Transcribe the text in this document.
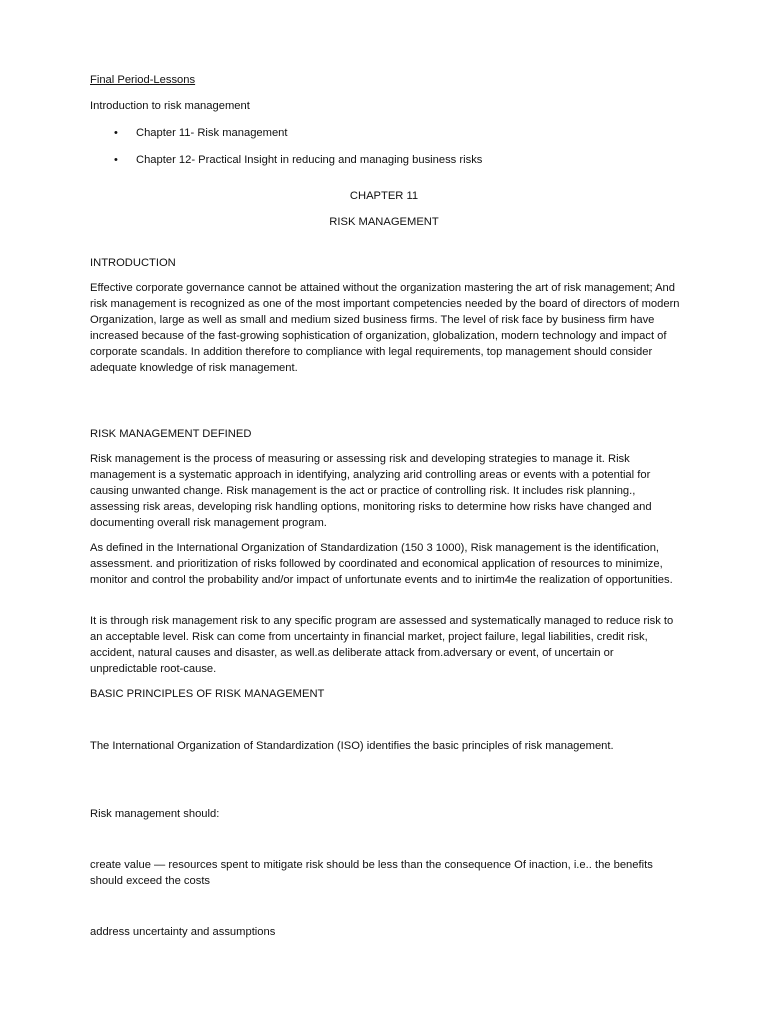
Final Period-Lessons

Introduction to risk management

•	Chapter 11- Risk management
•	Chapter 12- Practical Insight in reducing and managing business risks

CHAPTER 11

RISK MANAGEMENT

INTRODUCTION

Effective corporate governance cannot be attained without the organization mastering the art of risk management; And risk management is recognized as one of the most important competencies needed by the board of directors of modern Organization, large as well as small and medium sized business firms. The level of risk face by business firm have increased because of the fast-growing sophistication of organization, globalization, modern technology and impact of corporate scandals. In addition therefore to compliance with legal requirements, top management should consider adequate knowledge of risk management.

RISK MANAGEMENT DEFINED

Risk management is the process of measuring or assessing risk and developing strategies to manage it. Risk management is a systematic approach in identifying, analyzing arid controlling areas or events with a potential for causing unwanted change. Risk management is the act or practice of controlling risk. It includes risk planning., assessing risk areas, developing risk handling options, monitoring risks to determine how risks have changed and documenting overall risk management program.

As defined in the International Organization of Standardization (150 3 1000), Risk management is the identification, assessment. and prioritization of risks followed by coordinated and economical application of resources to minimize, monitor and control the probability and/or impact of unfortunate events and to inirtim4e the realization of opportunities.

It is through risk management risk to any specific program are assessed and systematically managed to reduce risk to an acceptable level. Risk can come from uncertainty in financial market, project failure, legal liabilities, credit risk, accident, natural causes and disaster, as well.as deliberate attack from.adversary or event, of uncertain or unpredictable root-cause.

BASIC PRINCIPLES OF RISK MANAGEMENT

The International Organization of Standardization (ISO) identifies the basic principles of risk management.

Risk management should:

create value — resources spent to mitigate risk should be less than the consequence Of inaction, i.e.. the benefits should exceed the costs

address uncertainty and assumptions
